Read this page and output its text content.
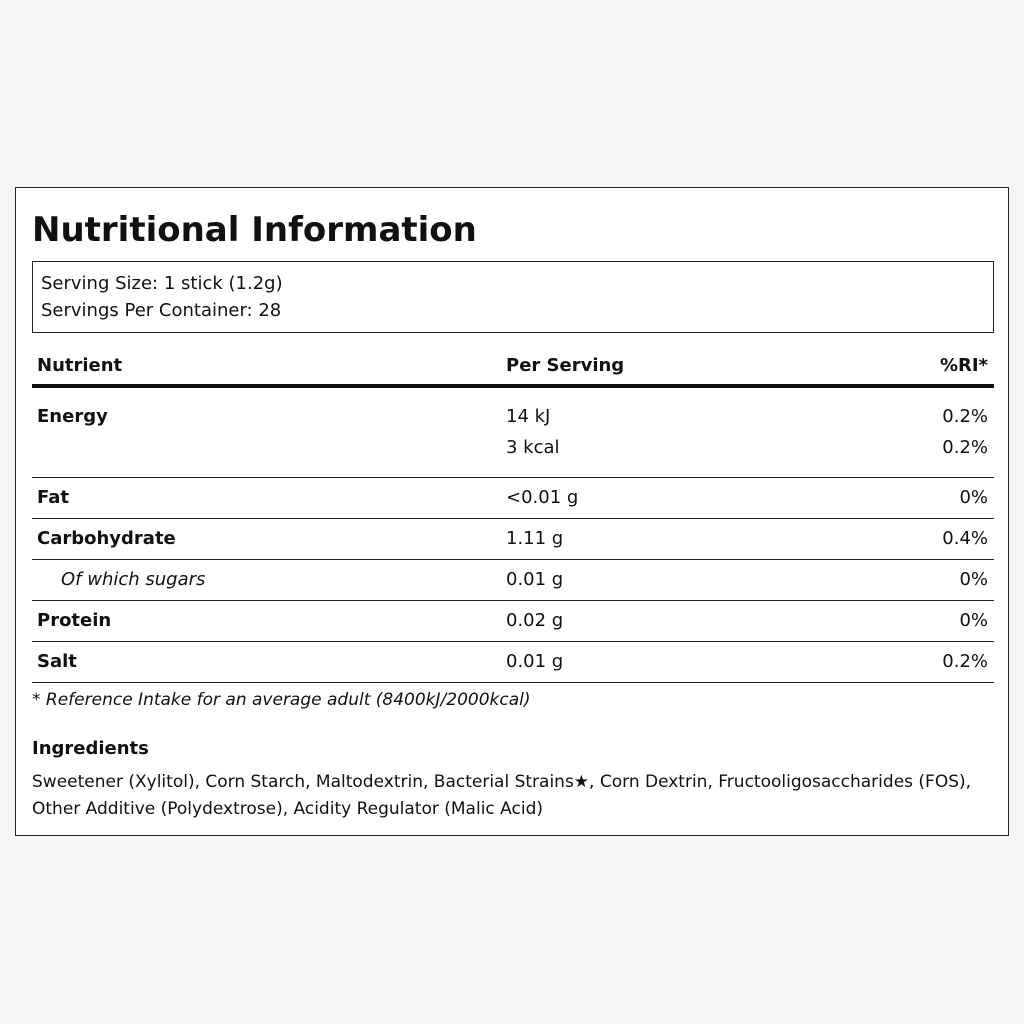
Nutritional Information
Serving Size: 1 stick (1.2g)
Servings Per Container: 28
Nutrient	Per Serving	%RI*
Energy	14 kJ	0.2%
3 kcal	0.2%
Fat	<0.01 g	0%
Carbohydrate	1.11 g	0.4%
Of which sugars	0.01 g	0%
Protein	0.02 g	0%
Salt	0.01 g	0.2%
* Reference Intake for an average adult (8400kJ/2000kcal)
Ingredients
Sweetener (Xylitol), Corn Starch, Maltodextrin, Bacterial Strains★, Corn Dextrin, Fructooligosaccharides (FOS), Other Additive (Polydextrose), Acidity Regulator (Malic Acid)
